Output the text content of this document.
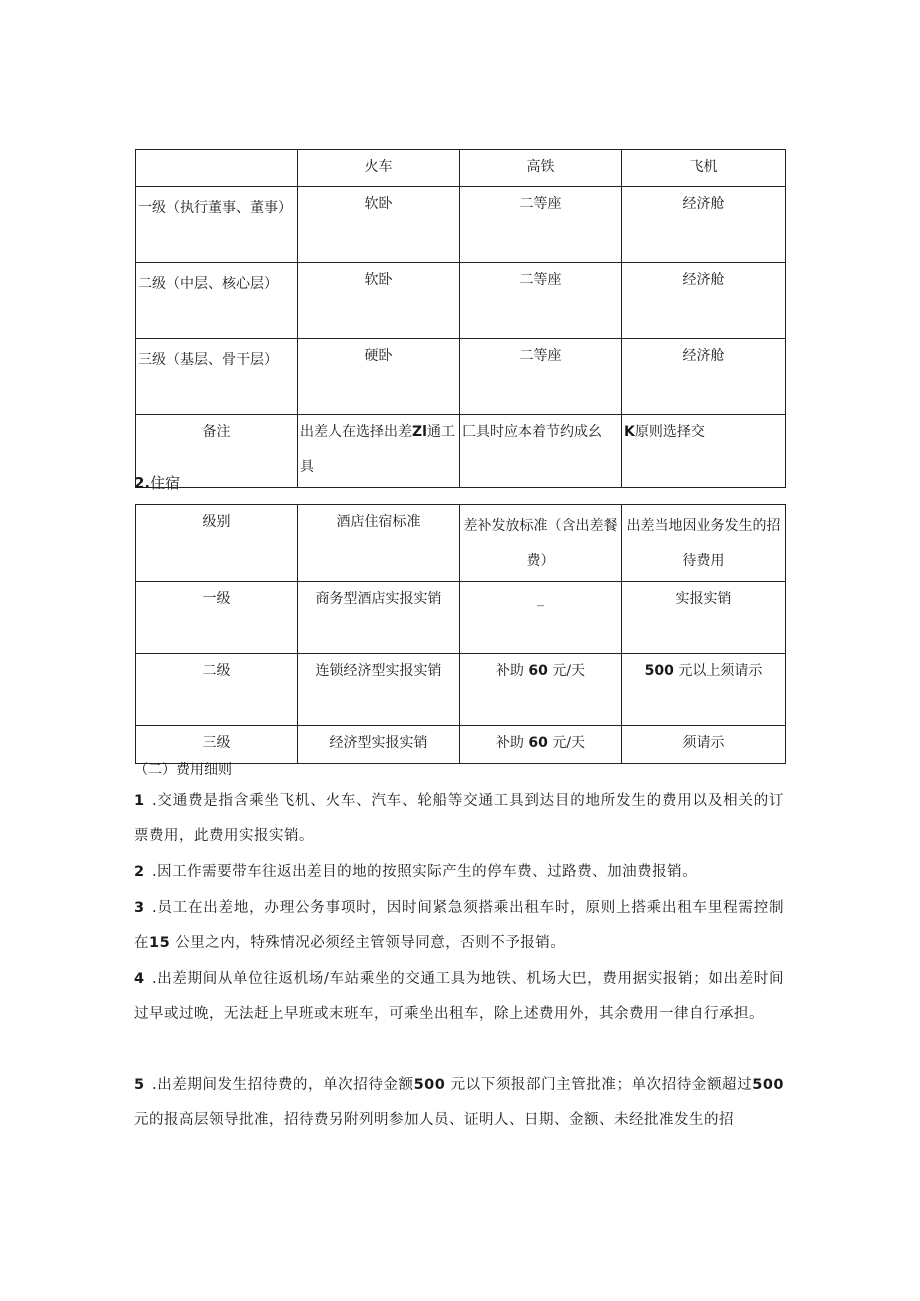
	火车	高铁	飞机
一级（执行董事、董事）	软卧	二等座	经济舱
二级（中层、核心层）	软卧	二等座	经济舱
三级（基层、骨干层）	硬卧	二等座	经济舱
备注	出差人在选择出差Zl通工具	匚具时应本着节约成幺	K原则选择交
2.住宿
级别	酒店住宿标准	差补发放标准（含出差餐费）	出差当地因业务发生的招待费用
一级	商务型酒店实报实销	_	实报实销
二级	连锁经济型实报实销	补助 60 元/天	500 元以上须请示
三级	经济型实报实销	补助 60 元/天	须请示
（二）费用细则
1 .交通费是指含乘坐飞机、火车、汽车、轮船等交通工具到达目的地所发生的费用以及相关的订票费用，此费用实报实销。
2 .因工作需要带车往返出差目的地的按照实际产生的停车费、过路费、加油费报销。
3 .员工在出差地，办理公务事项时，因时间紧急须搭乘出租车时，原则上搭乘出租车里程需控制在15 公里之内，特殊情况必须经主管领导同意，否则不予报销。
4 .出差期间从单位往返机场/车站乘坐的交通工具为地铁、机场大巴，费用据实报销；如出差时间过早或过晚，无法赶上早班或末班车，可乘坐出租车，除上述费用外，其余费用一律自行承担。
5 .出差期间发生招待费的，单次招待金额500 元以下须报部门主管批准；单次招待金额超过500 元的报高层领导批准，招待费另附列明参加人员、证明人、日期、金额、未经批准发生的招
